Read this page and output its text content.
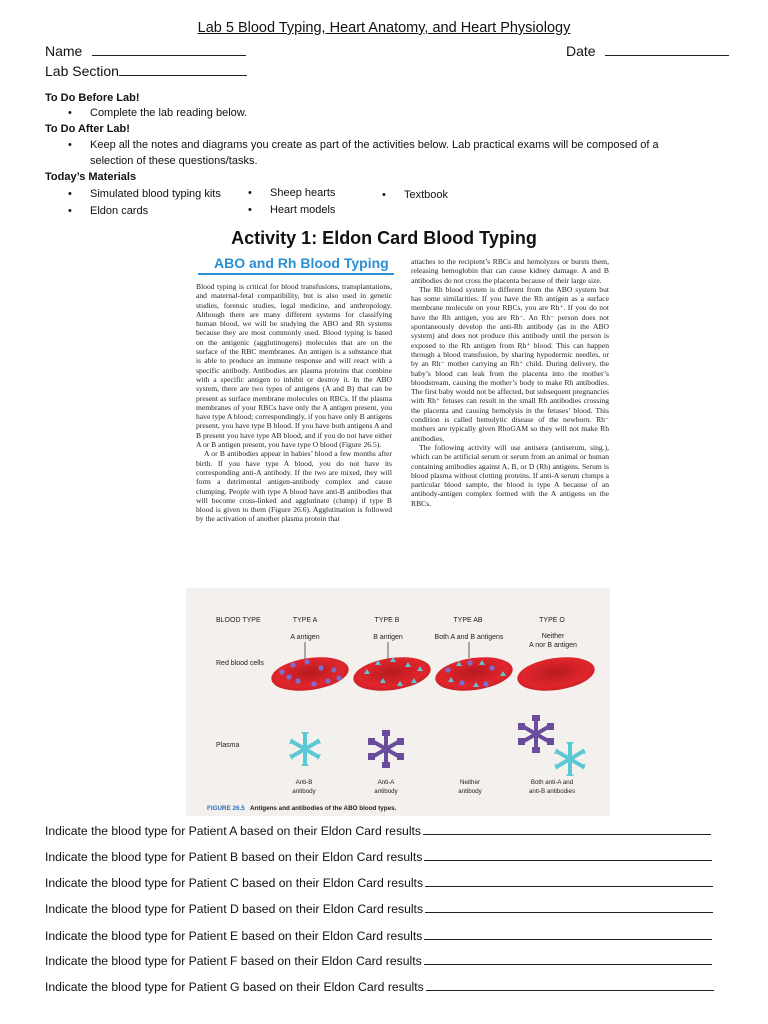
Lab 5 Blood Typing, Heart Anatomy, and Heart Physiology
Name	Date
Lab Section
To Do Before Lab!
• Complete the lab reading below.
To Do After Lab!
• Keep all the notes and diagrams you create as part of the activities below. Lab practical exams will be composed of a
selection of these questions/tasks.
Today’s Materials
• Simulated blood typing kits
• Eldon cards
• Sheep hearts
• Heart models
• Textbook
Activity 1: Eldon Card Blood Typing
ABO and Rh Blood Typing

Blood typing is critical for blood transfusions, transplantations, and maternal-fetal compatibility, but is also used in genetic studies, forensic studies, legal medicine, and anthropology. Although there are many different systems for classifying human blood, we will be studying the ABO and Rh systems because they are most commonly used. Blood typing is based on the antigenic (agglutinogens) molecules that are on the surface of the RBC membranes. An antigen is a substance that is able to produce an immune response and will react with a specific antibody. Antibodies are plasma proteins that combine with a specific antigen to inhibit or destroy it. In the ABO system, there are two types of antigens (A and B) that can be present as surface membrane molecules on RBCs. If the plasma membranes of your RBCs have only the A antigen present, you have type A blood; correspondingly, if you have only B antigens present, you have type B blood. If you have both antigens A and B present you have type AB blood, and if you do not have either A or B antigen present, you have type O blood (Figure 26.5).

A or B antibodies appear in babies’ blood a few months after birth. If you have type A blood, you do not have its corresponding anti-A antibody. If the two are mixed, they will form a detrimental antigen-antibody complex and cause clumping. People with type A blood have anti-B antibodies that will become cross-linked and agglutinate (clump) if type B blood is given to them (Figure 26.6). Agglutination is followed by the activation of another plasma protein that

attaches to the recipient’s RBCs and hemolyzes or bursts them, releasing hemoglobin that can cause kidney damage. A and B antibodies do not cross the placenta because of their large size.

The Rh blood system is different from the ABO system but has some similarities. If you have the Rh antigen as a surface membrane molecule on your RBCs, you are Rh⁺. If you do not have the Rh antigen, you are Rh⁻. An Rh⁻ person does not spontaneously develop the anti-Rh antibody (as in the ABO system) and does not produce this antibody until the person is exposed to the Rh antigen from Rh⁺ blood. This can happen through a blood transfusion, by sharing hypodermic needles, or by an Rh⁻ mother carrying an Rh⁺ child. During delivery, the baby’s blood can leak from the placenta into the mother’s bloodstream, causing the mother’s body to make Rh antibodies. The first baby would not be affected, but subsequent pregnancies with Rh⁺ fetuses can result in the small Rh antibodies crossing the placenta and causing hemolysis in the fetuses’ blood. This condition is called hemolytic disease of the newborn. Rh⁻ mothers are typically given RhoGAM so they will not make Rh antibodies.

The following activity will use antisera (antiserum, sing.), which can be artificial serum or serum from an animal or human containing antibodies against A, B, or D (Rh) antigens. Serum is blood plasma without clotting proteins. If anti-A serum clumps a particular blood sample, the blood is type A because of an antibody-antigen complex formed with the A antigens on the RBCs.

BLOOD TYPE
Red blood cells
Plasma
TYPE A	TYPE B	TYPE AB	TYPE O
A antigen	B antigen	Both A and B antigens	Neither
A nor B antigen
Anti-B
antibody
Anti-A
antibody
Neither
antibody
Both anti-A and
anti-B antibodies
FIGURE 26.5 Antigens and antibodies of the ABO blood types.
Indicate the blood type for Patient A based on their Eldon Card results
Indicate the blood type for Patient B based on their Eldon Card results
Indicate the blood type for Patient C based on their Eldon Card results
Indicate the blood type for Patient D based on their Eldon Card results
Indicate the blood type for Patient E based on their Eldon Card results
Indicate the blood type for Patient F based on their Eldon Card results
Indicate the blood type for Patient G based on their Eldon Card results
